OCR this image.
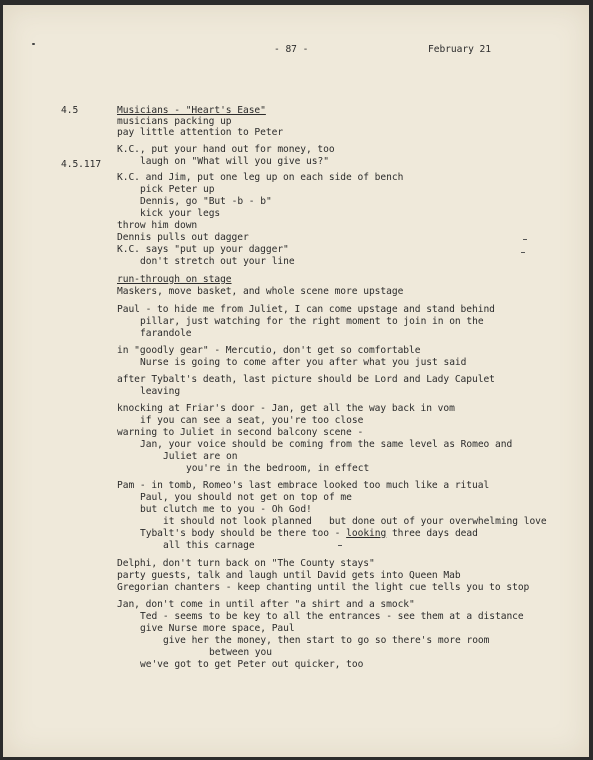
- 87 -	February 21
4.5
4.5.117
Musicians - "Heart's Ease"
musicians packing up
pay little attention to Peter
K.C., put your hand out for money, too
laugh on "What will you give us?"
K.C. and Jim, put one leg up on each side of bench
pick Peter up
Dennis, go "But -b - b"
kick your legs
throw him down
Dennis pulls out dagger
K.C. says "put up your dagger"
don't stretch out your line
run-through on stage
Maskers, move basket, and whole scene more upstage
Paul - to hide me from Juliet, I can come upstage and stand behind
pillar, just watching for the right moment to join in on the
farandole
in "goodly gear" - Mercutio, don't get so comfortable
Nurse is going to come after you after what you just said
after Tybalt's death, last picture should be Lord and Lady Capulet
leaving
knocking at Friar's door - Jan, get all the way back in vom
if you can see a seat, you're too close
warning to Juliet in second balcony scene -
Jan, your voice should be coming from the same level as Romeo and
Juliet are on
you're in the bedroom, in effect
Pam - in tomb, Romeo's last embrace looked too much like a ritual
Paul, you should not get on top of me
but clutch me to you - Oh God!
it should not look planned   but done out of your overwhelming love
Tybalt's body should be there too - looking three days dead
all this carnage
Delphi, don't turn back on "The County stays"
party guests, talk and laugh until David gets into Queen Mab
Gregorian chanters - keep chanting until the light cue tells you to stop
Jan, don't come in until after "a shirt and a smock"
Ted - seems to be key to all the entrances - see them at a distance
give Nurse more space, Paul
give her the money, then start to go so there's more room
between you
we've got to get Peter out quicker, too
